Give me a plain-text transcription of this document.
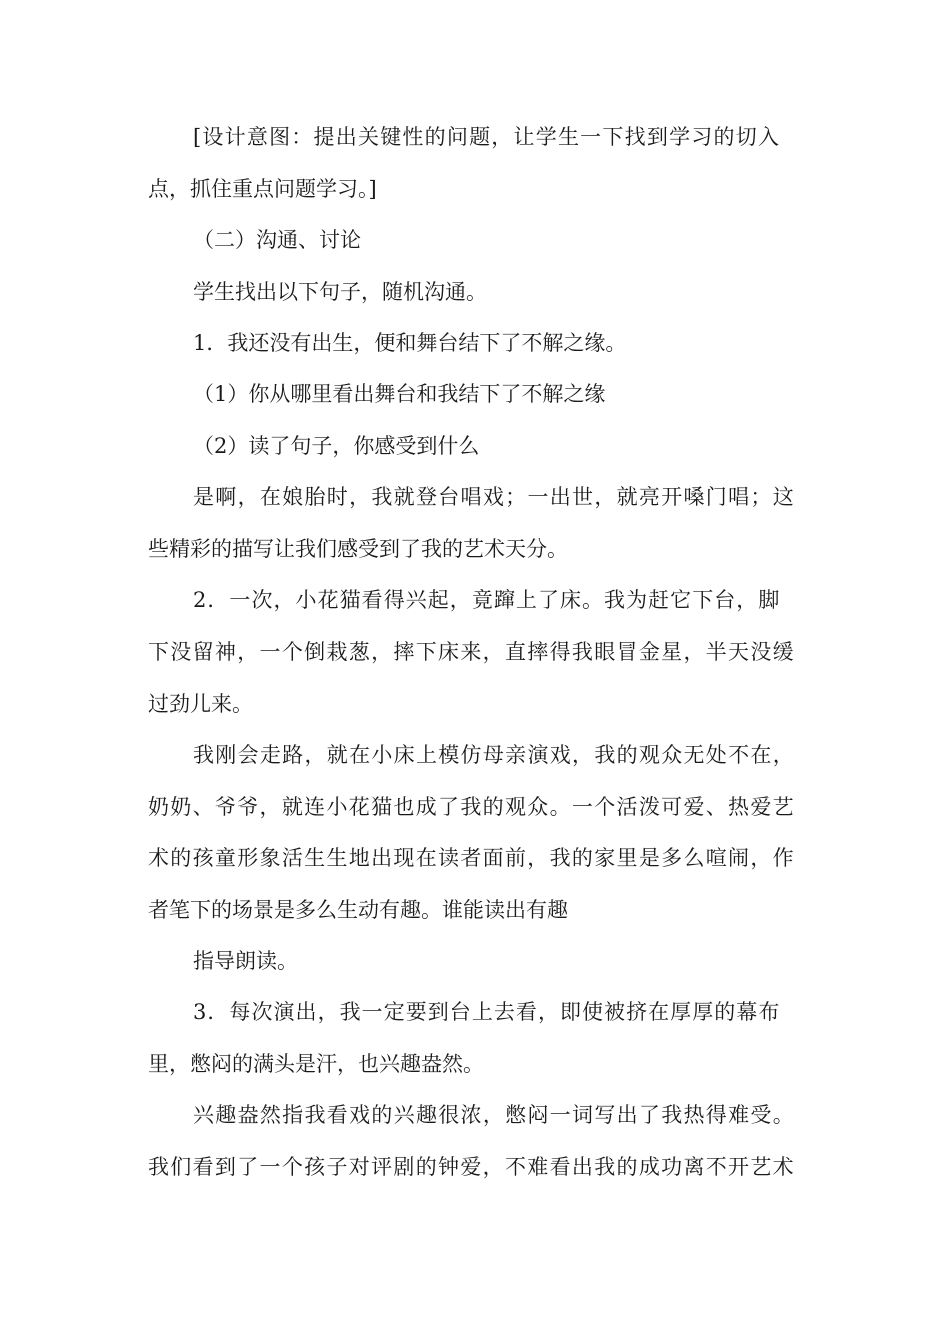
[设计意图：提出关键性的问题，让学生一下找到学习的切入
点，抓住重点问题学习。]
（二）沟通、讨论
学生找出以下句子，随机沟通。
1．我还没有出生，便和舞台结下了不解之缘。
（1）你从哪里看出舞台和我结下了不解之缘
（2）读了句子，你感受到什么
是啊，在娘胎时，我就登台唱戏；一出世，就亮开嗓门唱；这
些精彩的描写让我们感受到了我的艺术天分。
2．一次，小花猫看得兴起，竟蹿上了床。我为赶它下台，脚
下没留神，一个倒栽葱，摔下床来，直摔得我眼冒金星，半天没缓
过劲儿来。
我刚会走路，就在小床上模仿母亲演戏，我的观众无处不在，
奶奶、爷爷，就连小花猫也成了我的观众。一个活泼可爱、热爱艺
术的孩童形象活生生地出现在读者面前，我的家里是多么喧闹，作
者笔下的场景是多么生动有趣。谁能读出有趣
指导朗读。
3．每次演出，我一定要到台上去看，即使被挤在厚厚的幕布
里，憋闷的满头是汗，也兴趣盎然。
兴趣盎然指我看戏的兴趣很浓，憋闷一词写出了我热得难受。
我们看到了一个孩子对评剧的钟爱，不难看出我的成功离不开艺术
